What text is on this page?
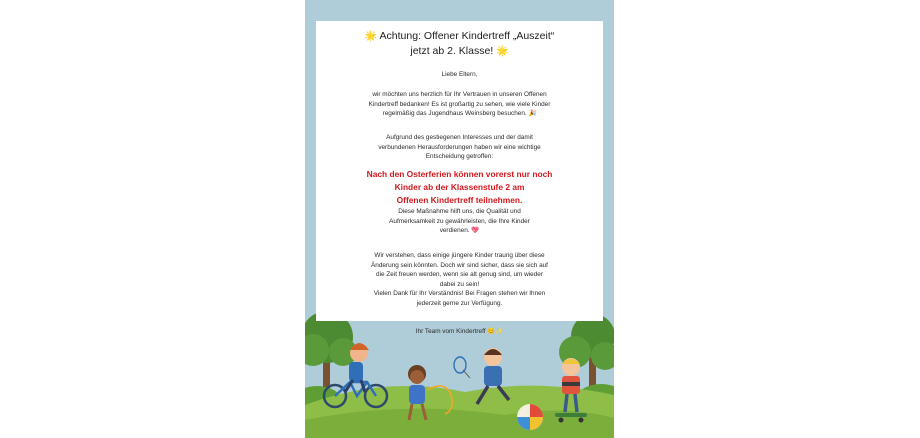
🌟 Achtung: Offener Kindertreff „Auszeit“
jetzt ab 2. Klasse! 🌟
Liebe Eltern,
wir möchten uns herzlich für Ihr Vertrauen in unseren Offenen
Kindertreff bedanken! Es ist großartig zu sehen, wie viele Kinder
regelmäßig das Jugendhaus Weinsberg besuchen. 🎉
Aufgrund des gestiegenen Interesses und der damit
verbundenen Herausforderungen haben wir eine wichtige
Entscheidung getroffen:
Nach den Osterferien können vorerst nur noch
Kinder ab der Klassenstufe 2 am
Offenen Kindertreff teilnehmen.
Diese Maßnahme hilft uns, die Qualität und
Aufmerksamkeit zu gewährleisten, die Ihre Kinder
verdienen. 💖
Wir verstehen, dass einige jüngere Kinder traurig über diese
Änderung sein könnten. Doch wir sind sicher, dass sie sich auf
die Zeit freuen werden, wenn sie alt genug sind, um wieder
dabei zu sein!
Vielen Dank für Ihr Verständnis! Bei Fragen stehen wir Ihnen
jederzeit gerne zur Verfügung.
Ihr Team vom Kindertreff 😊✨
